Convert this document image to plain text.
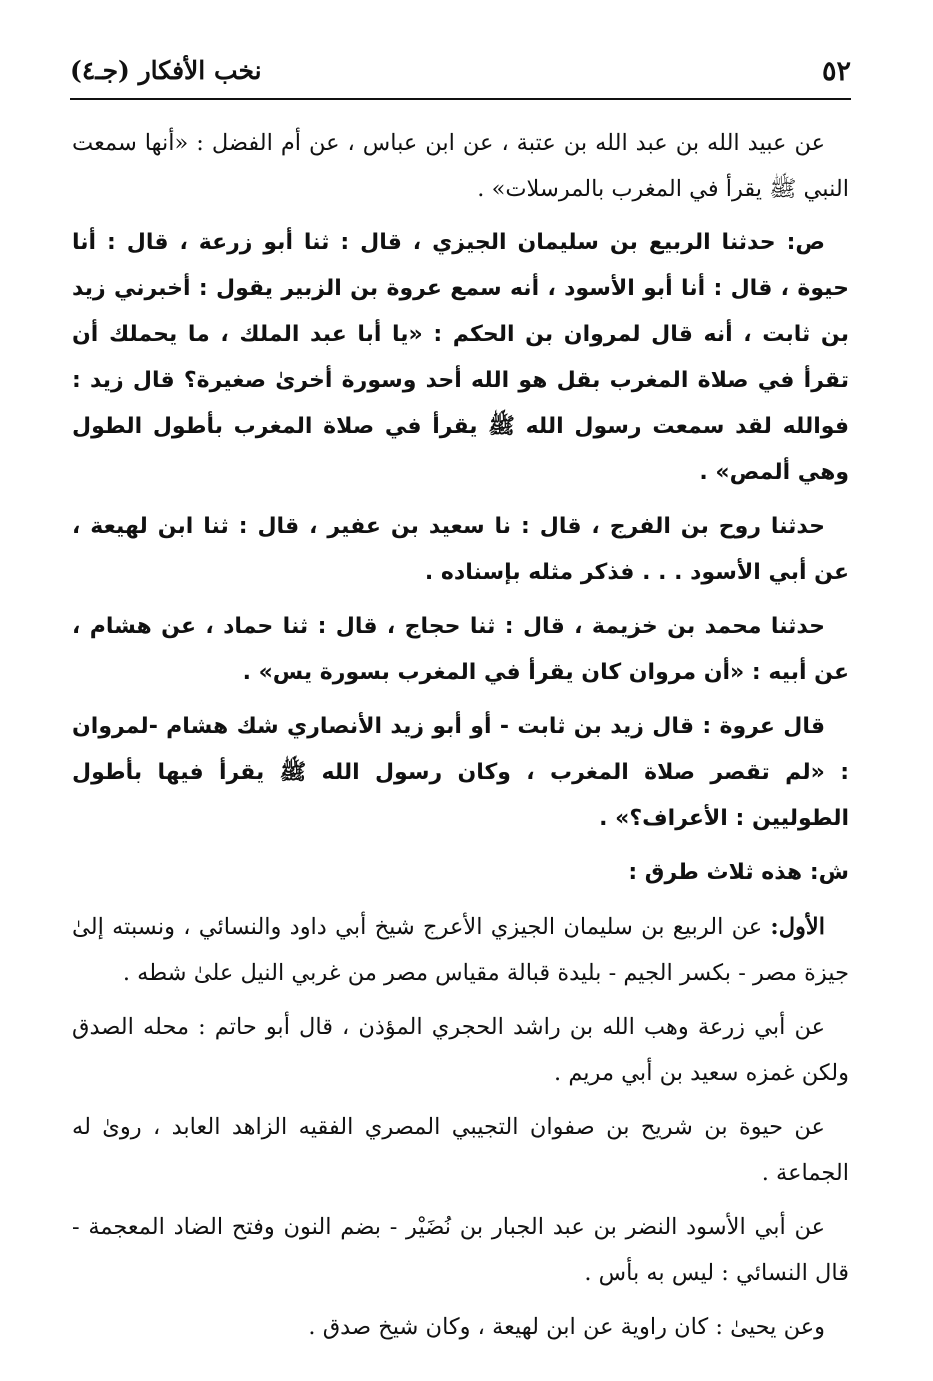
٥٢
نخب الأفكار (جـ٤)

عن عبيد الله بن عبد الله بن عتبة ، عن ابن عباس ، عن أم الفضل : «أنها سمعت النبي ﷺ يقرأ في المغرب بالمرسلات» .

ص: حدثنا الربيع بن سليمان الجيزي ، قال : ثنا أبو زرعة ، قال : أنا حيوة ، قال : أنا أبو الأسود ، أنه سمع عروة بن الزبير يقول : أخبرني زيد بن ثابت ، أنه قال لمروان بن الحكم : «يا أبا عبد الملك ، ما يحملك أن تقرأ في صلاة المغرب بقل هو الله أحد وسورة أخرىٰ صغيرة؟ قال زيد : فوالله لقد سمعت رسول الله ﷺ يقرأ في صلاة المغرب بأطول الطول وهي ألمص» .

حدثنا روح بن الفرج ، قال : نا سعيد بن عفير ، قال : ثنا ابن لهيعة ، عن أبي الأسود . . . فذكر مثله بإسناده .

حدثنا محمد بن خزيمة ، قال : ثنا حجاج ، قال : ثنا حماد ، عن هشام ، عن أبيه : «أن مروان كان يقرأ في المغرب بسورة يس» .

قال عروة : قال زيد بن ثابت - أو أبو زيد الأنصاري شك هشام -لمروان : «لم تقصر صلاة المغرب ، وكان رسول الله ﷺ يقرأ فيها بأطول الطوليين : الأعراف؟» .

ش: هذه ثلاث طرق :

الأول: عن الربيع بن سليمان الجيزي الأعرج شيخ أبي داود والنسائي ، ونسبته إلىٰ جيزة مصر - بكسر الجيم - بليدة قبالة مقياس مصر من غربي النيل علىٰ شطه .

عن أبي زرعة وهب الله بن راشد الحجري المؤذن ، قال أبو حاتم : محله الصدق ولكن غمزه سعيد بن أبي مريم .

عن حيوة بن شريح بن صفوان التجيبي المصري الفقيه الزاهد العابد ، روىٰ له الجماعة .

عن أبي الأسود النضر بن عبد الجبار بن نُضَيْر - بضم النون وفتح الضاد المعجمة - قال النسائي : ليس به بأس .

وعن يحيىٰ : كان راوية عن ابن لهيعة ، وكان شيخ صدق .
